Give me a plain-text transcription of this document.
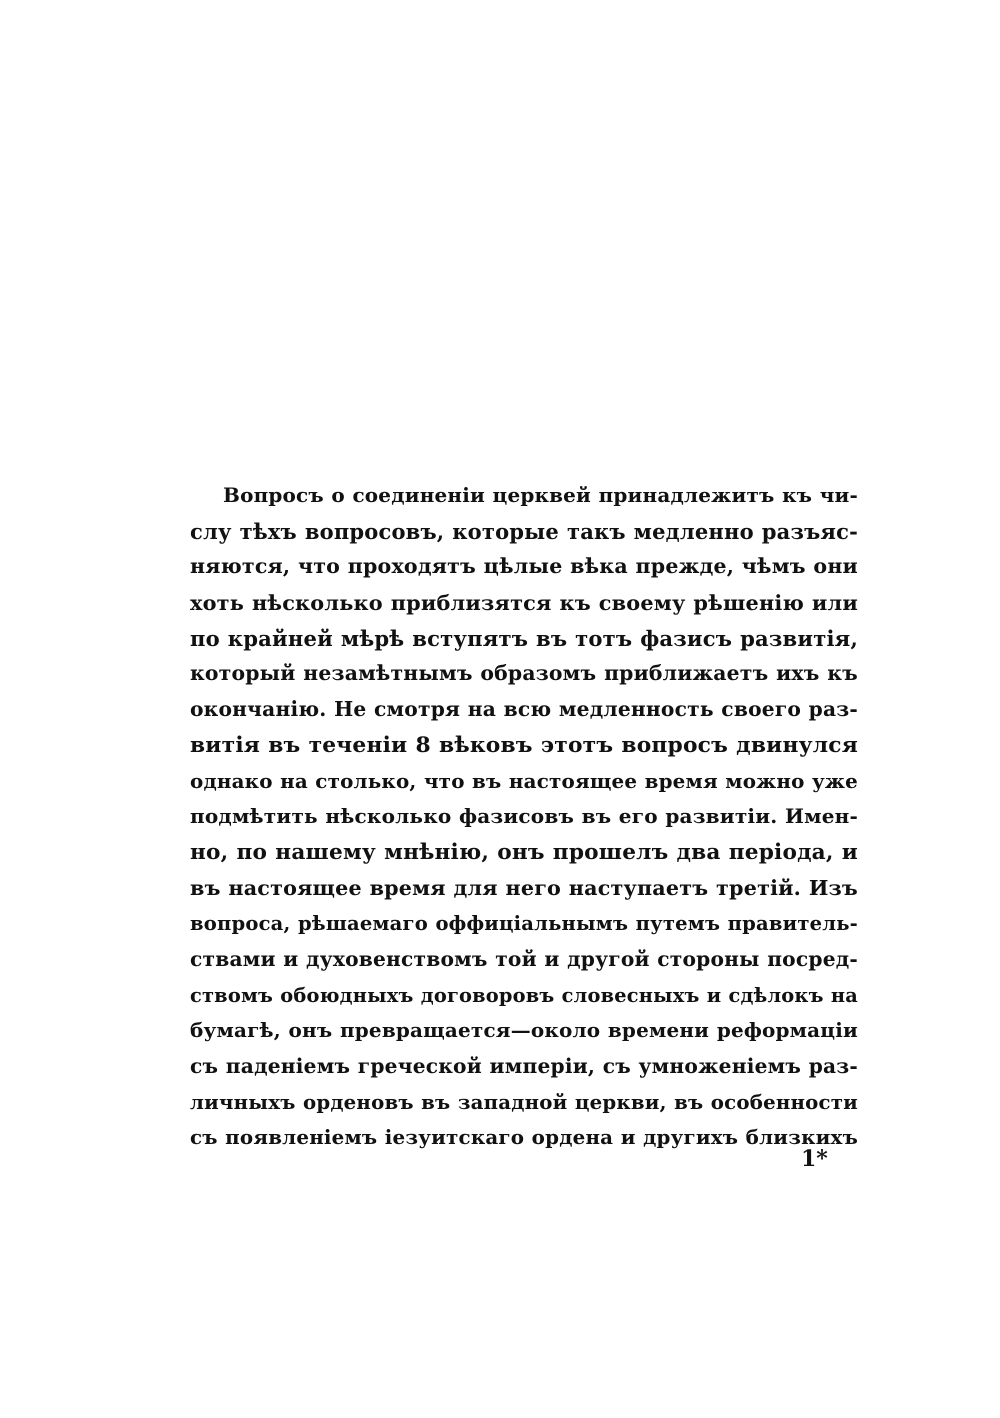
Вопросъ о соединеніи церквей принадлежитъ къ чи-
слу тѣхъ вопросовъ, которые такъ медленно разъяс-
няются, что проходятъ цѣлые вѣка прежде, чѣмъ они
хоть нѣсколько приблизятся къ своему рѣшенію или
по крайней мѣрѣ вступятъ въ тотъ фазисъ развитія,
который незамѣтнымъ образомъ приближаетъ ихъ къ
окончанію. Не смотря на всю медленность своего раз-
витія въ теченіи 8 вѣковъ этотъ вопросъ двинулся
однако на столько, что въ настоящее время можно уже
подмѣтить нѣсколько фазисовъ въ его развитіи. Имен-
но, по нашему мнѣнію, онъ прошелъ два періода, и
въ настоящее время для него наступаетъ третій. Изъ
вопроса, рѣшаемаго оффиціальнымъ путемъ правитель-
ствами и духовенствомъ той и другой стороны посред-
ствомъ обоюдныхъ договоровъ словесныхъ и сдѣлокъ на
бумагѣ, онъ превращается—около времени реформаціи
съ паденіемъ греческой имперіи, съ умноженіемъ раз-
личныхъ орденовъ въ западной церкви, въ особенности
съ появленіемъ іезуитскаго ордена и другихъ близкихъ
1*
